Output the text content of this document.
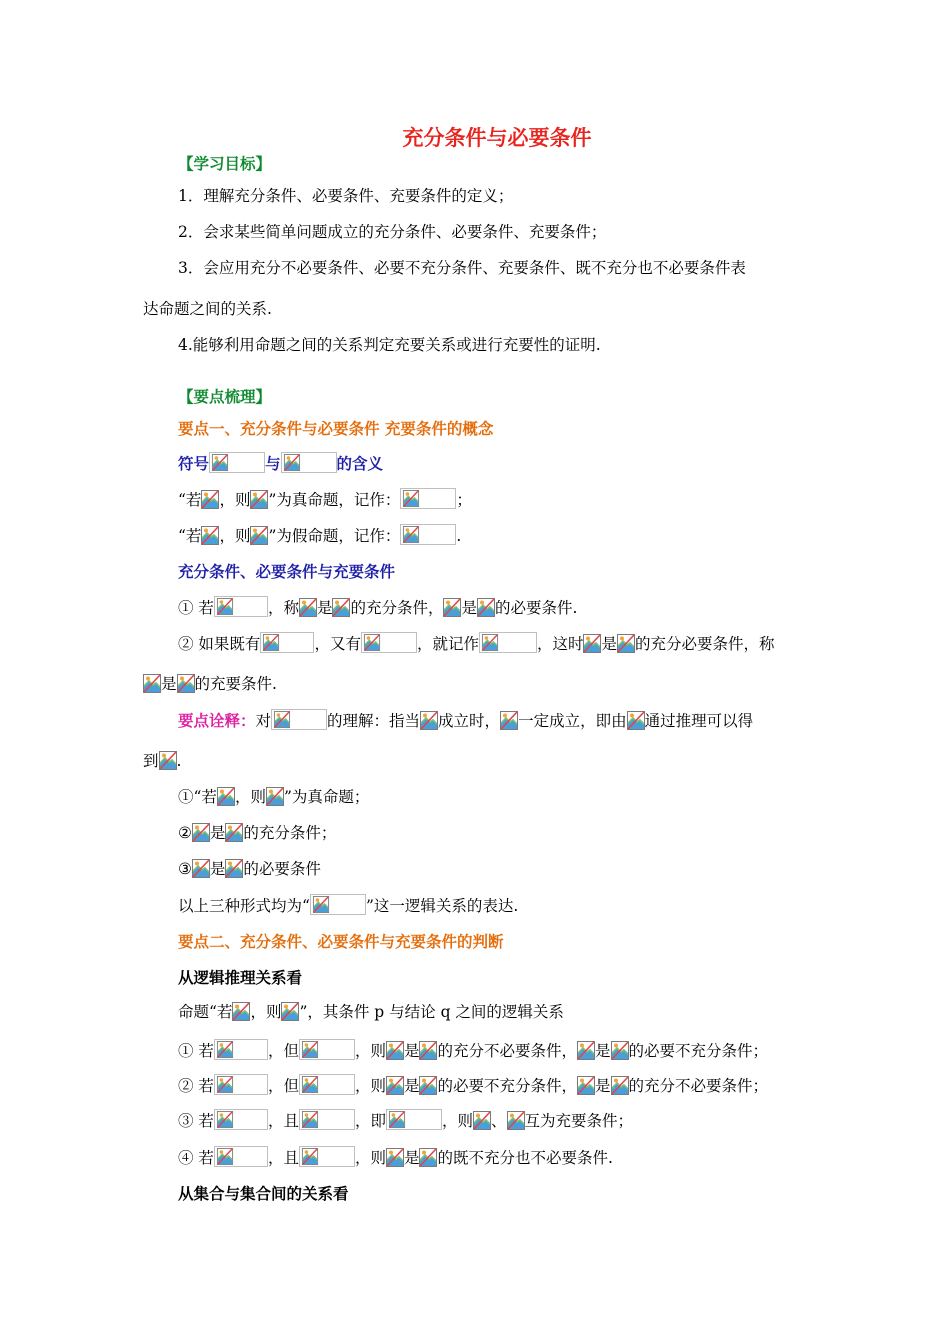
充分条件与必要条件
【学习目标】
1．理解充分条件、必要条件、充要条件的定义；
2．会求某些简单问题成立的充分条件、必要条件、充要条件；
3．会应用充分不必要条件、必要不充分条件、充要条件、既不充分也不必要条件表
达命题之间的关系.
4.能够利用命题之间的关系判定充要关系或进行充要性的证明.
【要点梳理】
要点一、充分条件与必要条件 充要条件的概念
符号	与	的含义
“若 ，则 ”为真命题，记作：	；
“若 ，则 ”为假命题，记作：	.
充分条件、必要条件与充要条件
① 若	，称 是 的充分条件， 是 的必要条件.
② 如果既有	，又有	，就记作	，这时 是 的充分必要条件，称
是 的充要条件.
要点诠释：对	的理解：指当 成立时， 一定成立，即由 通过推理可以得
到 .
①“若 ，则 ”为真命题；
② 是 的充分条件；
③ 是 的必要条件
以上三种形式均为“	”这一逻辑关系的表达.
要点二、充分条件、必要条件与充要条件的判断
从逻辑推理关系看
命题“若 ，则 ”，其条件 p 与结论 q 之间的逻辑关系
① 若	，但	，则 是 的充分不必要条件， 是 的必要不充分条件；
② 若	，但	，则 是 的必要不充分条件， 是 的充分不必要条件；
③ 若	，且	，即	，则 、 互为充要条件；
④ 若	，且	，则 是 的既不充分也不必要条件.
从集合与集合间的关系看
